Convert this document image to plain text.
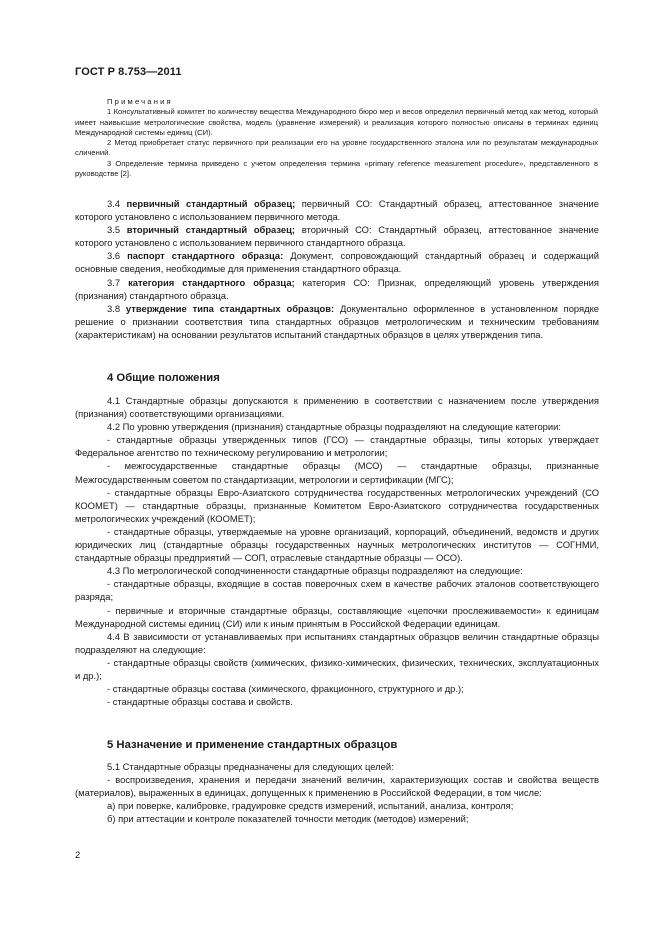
ГОСТ Р 8.753—2011

Примечания

1 Консультативный комитет по количеству вещества Международного бюро мер и весов определил первичный метод как метод, который имеет наивысшие метрологические свойства, модель (уравнение измерений) и реализация которого полностью описаны в терминах единиц Международной системы единиц (СИ).

2 Метод приобретает статус первичного при реализации его на уровне государственного эталона или по результатам международных сличений.

3 Определение термина приведено с учетом определения термина «primary reference measurement procedure», представленного в руководстве [2].

3.4 первичный стандартный образец; первичный СО: Стандартный образец, аттестованное значение которого установлено с использованием первичного метода.

3.5 вторичный стандартный образец; вторичный СО: Стандартный образец, аттестованное значение которого установлено с использованием первичного стандартного образца.

3.6 паспорт стандартного образца: Документ, сопровождающий стандартный образец и содержащий основные сведения, необходимые для применения стандартного образца.

3.7 категория стандартного образца; категория СО: Признак, определяющий уровень утверждения (признания) стандартного образца.

3.8 утверждение типа стандартных образцов: Документально оформленное в установленном порядке решение о признании соответствия типа стандартных образцов метрологическим и техническим требованиям (характеристикам) на основании результатов испытаний стандартных образцов в целях утверждения типа.

4 Общие положения

4.1 Стандартные образцы допускаются к применению в соответствии с назначением после утверждения (признания) соответствующими организациями.

4.2 По уровню утверждения (признания) стандартные образцы подразделяют на следующие категории:

- стандартные образцы утвержденных типов (ГСО) — стандартные образцы, типы которых утверждает Федеральное агентство по техническому регулированию и метрологии;

- межгосударственные стандартные образцы (МСО) — стандартные образцы, признанные Межгосударственным советом по стандартизации, метрологии и сертификации (МГС);

- стандартные образцы Евро-Азиатского сотрудничества государственных метрологических учреждений (СО КООМЕТ) — стандартные образцы, признанные Комитетом Евро-Азиатского сотрудничества государственных метрологических учреждений (КООМЕТ);

- стандартные образцы, утверждаемые на уровне организаций, корпораций, объединений, ведомств и других юридических лиц (стандартные образцы государственных научных метрологических институтов — СОГНМИ, стандартные образцы предприятий — СОП, отраслевые стандартные образцы — ОСО).

4.3 По метрологической соподчиненности стандартные образцы подразделяют на следующие:

- стандартные образцы, входящие в состав поверочных схем в качестве рабочих эталонов соответствующего разряда;

- первичные и вторичные стандартные образцы, составляющие «цепочки прослеживаемости» к единицам Международной системы единиц (СИ) или к иным принятым в Российской Федерации единицам.

4.4 В зависимости от устанавливаемых при испытаниях стандартных образцов величин стандартные образцы подразделяют на следующие:

- стандартные образцы свойств (химических, физико-химических, физических, технических, эксплуатационных и др.);

- стандартные образцы состава (химического, фракционного, структурного и др.);

- стандартные образцы состава и свойств.

5 Назначение и применение стандартных образцов

5.1 Стандартные образцы предназначены для следующих целей:

- воспроизведения, хранения и передачи значений величин, характеризующих состав и свойства веществ (материалов), выраженных в единицах, допущенных к применению в Российской Федерации, в том числе:

а) при поверке, калибровке, градуировке средств измерений, испытаний, анализа, контроля;

б) при аттестации и контроле показателей точности методик (методов) измерений;

2
